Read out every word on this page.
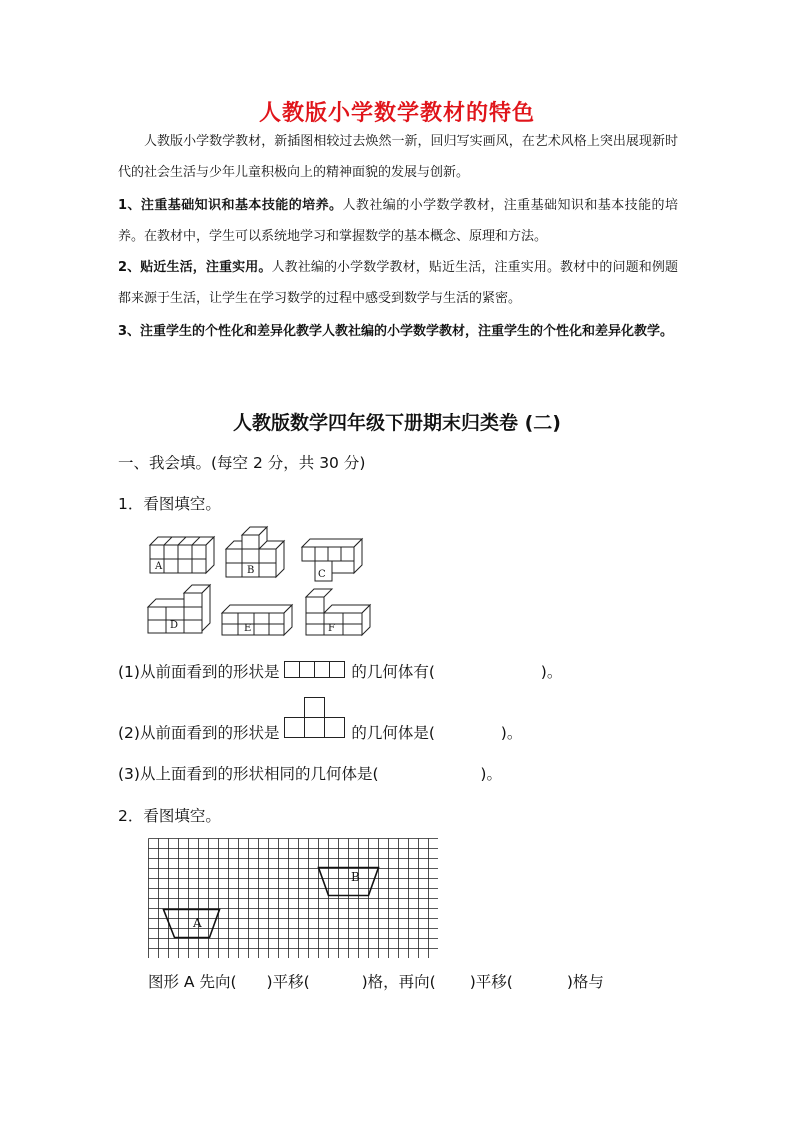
人教版小学数学教材的特色
人教版小学数学教材，新插图相较过去焕然一新，回归写实画风，在艺术风格上突出展现新时代的社会生活与少年儿童积极向上的精神面貌的发展与创新。
1、注重基础知识和基本技能的培养。人教社编的小学数学教材，注重基础知识和基本技能的培养。在教材中，学生可以系统地学习和掌握数学的基本概念、原理和方法。
2、贴近生活，注重实用。人教社编的小学数学教材，贴近生活，注重实用。教材中的问题和例题都来源于生活，让学生在学习数学的过程中感受到数学与生活的紧密。
3、注重学生的个性化和差异化教学人教社编的小学数学教材，注重学生的个性化和差异化教学。
人教版数学四年级下册期末归类卷 (二)
一、我会填。(每空 2 分，共 30 分)
1．看图填空。
A	B	C
D	E	F
(1)从前面看到的形状是	的几何体有(	)。
(2)从前面看到的形状是	的几何体是(	)。
(3)从上面看到的形状相同的几何体是(	)。
2．看图填空。
A
B
图形 A 先向( )平移(	)格，再向( )平移(	)格与
